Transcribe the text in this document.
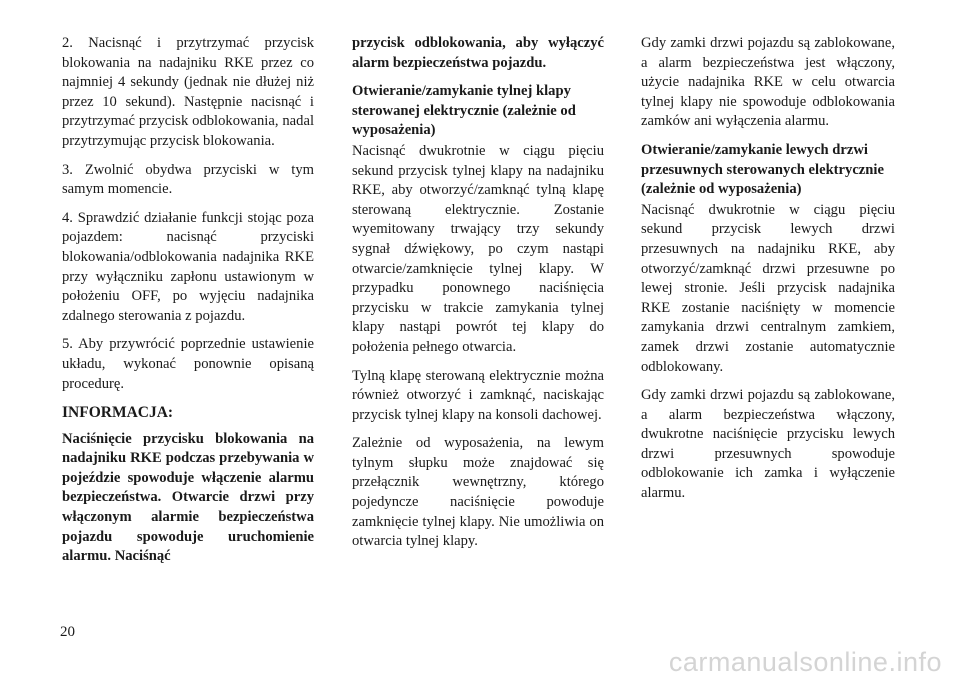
2. Nacisnąć i przytrzymać przycisk blokowania na nadajniku RKE przez co najmniej 4 sekundy (jednak nie dłużej niż przez 10 sekund). Następnie nacisnąć i przytrzymać przycisk odblokowania, nadal przytrzymując przycisk blokowania.

3. Zwolnić obydwa przyciski w tym samym momencie.

4. Sprawdzić działanie funkcji stojąc poza pojazdem: nacisnąć przyciski blokowania/odblokowania nadajnika RKE przy wyłączniku zapłonu ustawionym w położeniu OFF, po wyjęciu nadajnika zdalnego sterowania z pojazdu.

5. Aby przywrócić poprzednie ustawienie układu, wykonać ponownie opisaną procedurę.

INFORMACJA:

Naciśnięcie przycisku blokowania na nadajniku RKE podczas przebywania w pojeździe spowoduje włączenie alarmu bezpieczeństwa. Otwarcie drzwi przy włączonym alarmie bezpieczeństwa pojazdu spowoduje uruchomienie alarmu. Naciśnąć

przycisk odblokowania, aby wyłączyć alarm bezpieczeństwa pojazdu.

Otwieranie/zamykanie tylnej klapy sterowanej elektrycznie (zależnie od wyposażenia)

Nacisnąć dwukrotnie w ciągu pięciu sekund przycisk tylnej klapy na nadajniku RKE, aby otworzyć/zamknąć tylną klapę sterowaną elektrycznie. Zostanie wyemitowany trwający trzy sekundy sygnał dźwiękowy, po czym nastąpi otwarcie/zamknięcie tylnej klapy. W przypadku ponownego naciśnięcia przycisku w trakcie zamykania tylnej klapy nastąpi powrót tej klapy do położenia pełnego otwarcia.

Tylną klapę sterowaną elektrycznie można również otworzyć i zamknąć, naciskając przycisk tylnej klapy na konsoli dachowej.

Zależnie od wyposażenia, na lewym tylnym słupku może znajdować się przełącznik wewnętrzny, którego pojedyncze naciśnięcie powoduje zamknięcie tylnej klapy. Nie umożliwia on otwarcia tylnej klapy.

Gdy zamki drzwi pojazdu są zablokowane, a alarm bezpieczeństwa jest włączony, użycie nadajnika RKE w celu otwarcia tylnej klapy nie spowoduje odblokowania zamków ani wyłączenia alarmu.

Otwieranie/zamykanie lewych drzwi przesuwnych sterowanych elektrycznie (zależnie od wyposażenia)

Nacisnąć dwukrotnie w ciągu pięciu sekund przycisk lewych drzwi przesuwnych na nadajniku RKE, aby otworzyć/zamknąć drzwi przesuwne po lewej stronie. Jeśli przycisk nadajnika RKE zostanie naciśnięty w momencie zamykania drzwi centralnym zamkiem, zamek drzwi zostanie automatycznie odblokowany.

Gdy zamki drzwi pojazdu są zablokowane, a alarm bezpieczeństwa włączony, dwukrotne naciśnięcie przycisku lewych drzwi przesuwnych spowoduje odblokowanie ich zamka i wyłączenie alarmu.

20
carmanualsonline.info
